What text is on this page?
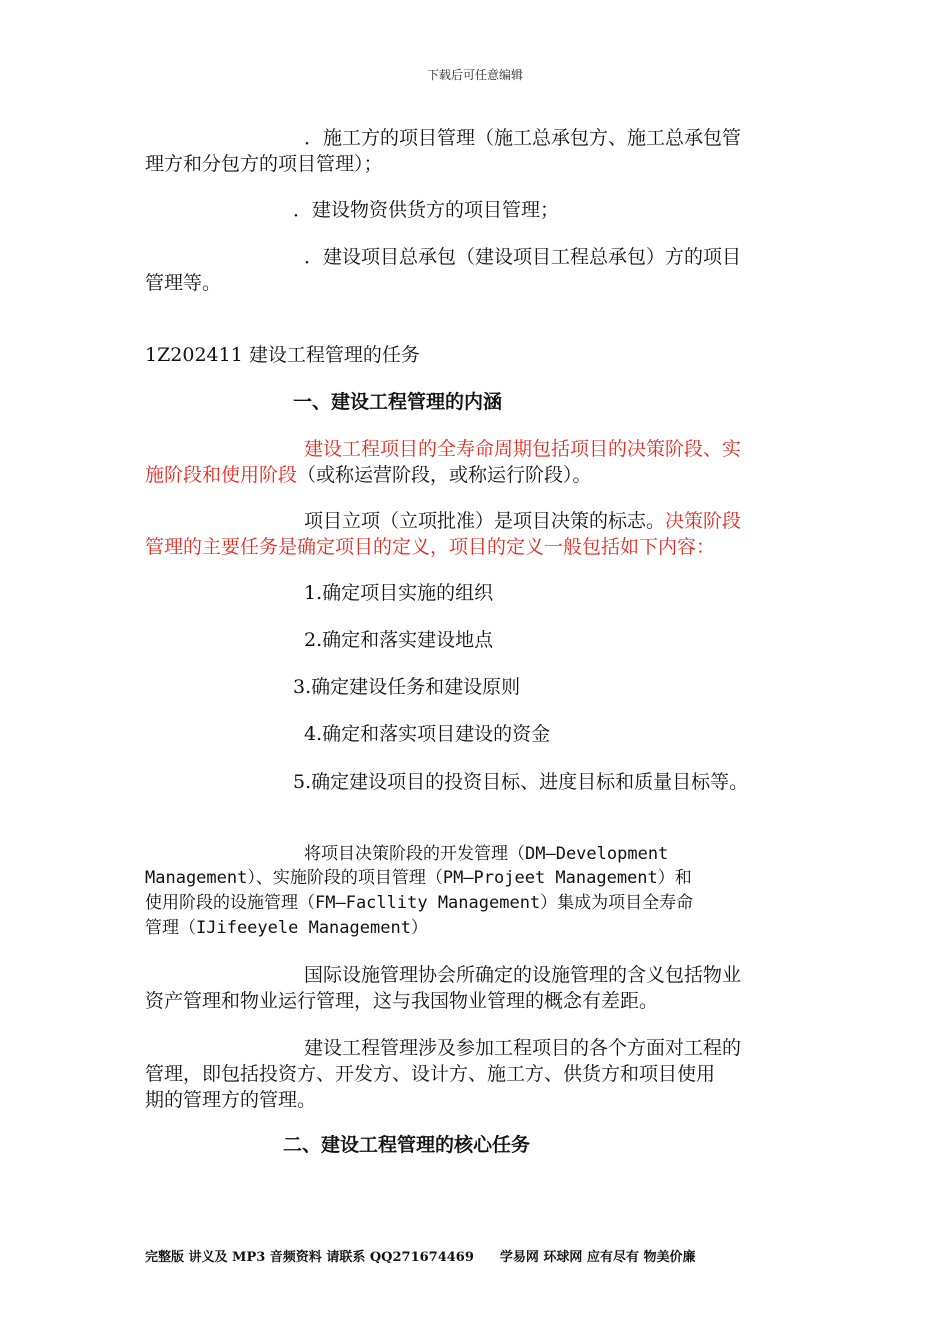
下载后可任意编辑
．施工方的项目管理（施工总承包方、施工总承包管
理方和分包方的项目管理）；
．建设物资供货方的项目管理；
．建设项目总承包（建设项目工程总承包）方的项目
管理等。
1Z202411 建设工程管理的任务
一、建设工程管理的内涵
建设工程项目的全寿命周期包括项目的决策阶段、实
施阶段和使用阶段（或称运营阶段，或称运行阶段）。
项目立项（立项批准）是项目决策的标志。决策阶段
管理的主要任务是确定项目的定义，项目的定义一般包括如下内容：
1.确定项目实施的组织
2.确定和落实建设地点
3.确定建设任务和建设原则
4.确定和落实项目建设的资金
5.确定建设项目的投资目标、进度目标和质量目标等。
将项目决策阶段的开发管理（DM—Development
Management）、实施阶段的项目管理（PM—Projeet Management）和
使用阶段的设施管理（FM—Facllity Management）集成为项目全寿命
管理（IJifeeyele Management）
国际设施管理协会所确定的设施管理的含义包括物业
资产管理和物业运行管理，这与我国物业管理的概念有差距。
建设工程管理涉及参加工程项目的各个方面对工程的
管理，即包括投资方、开发方、设计方、施工方、供货方和项目使用
期的管理方的管理。
二、建设工程管理的核心任务
完整版 讲义及 MP3 音频资料 请联系 QQ271674469 学易网 环球网 应有尽有 物美价廉
